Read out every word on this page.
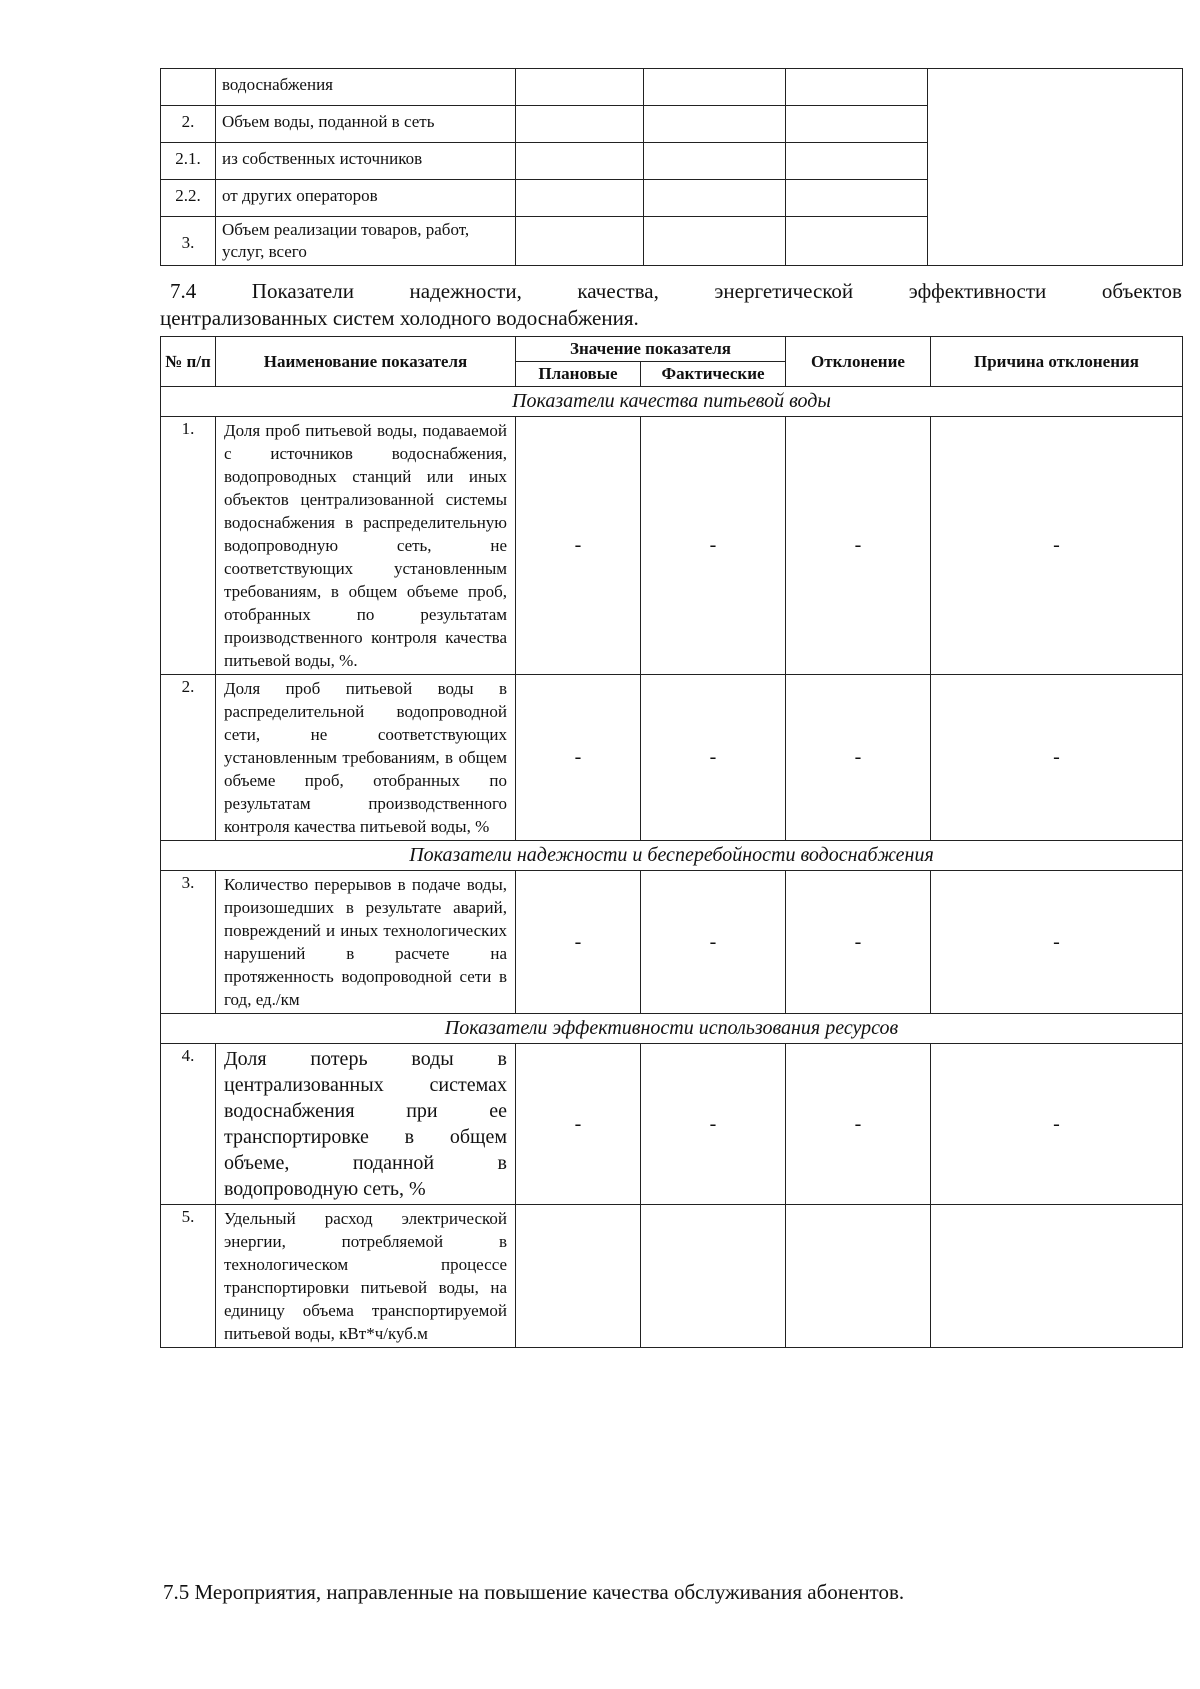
	водоснабжения				
2.	Объем воды, поданной в сеть				
2.1.	из собственных источников				
2.2.	от других операторов				
3.	Объем реализации товаров, работ, услуг, всего				
7.4	Показатели	надежности,	качества,	энергетической	эффективности	объектов
централизованных систем холодного водоснабжения.
№ п/п	Наименование показателя	Значение показателя		Отклонение	Причина отклонения
		Плановые	Фактические		
Показатели качества питьевой воды					
1.	Доля проб питьевой воды, подаваемой с источников водоснабжения, водопроводных станций или иных объектов централизованной системы водоснабжения в распределительную водопроводную сеть, не соответствующих установленным требованиям, в общем объеме проб, отобранных по результатам производственного контроля качества питьевой воды, %.	-	-	-	-
2.	Доля проб питьевой воды в распределительной водопроводной сети, не соответствующих установленным требованиям, в общем объеме проб, отобранных по результатам производственного контроля качества питьевой воды, %	-	-	-	-
Показатели надежности и бесперебойности водоснабжения					
3.	Количество перерывов в подаче воды, произошедших в результате аварий, повреждений и иных технологических нарушений в расчете на протяженность водопроводной сети в год, ед./км	-	-	-	-
Показатели эффективности использования ресурсов					
4.	Доля потерь воды в централизованных системах водоснабжения при ее транспортировке в общем объеме, поданной в водопроводную сеть, %	-	-	-	-
5.	Удельный расход электрической энергии, потребляемой в технологическом процессе транспортировки питьевой воды, на единицу объема транспортируемой питьевой воды, кВт*ч/куб.м				
7.5 Мероприятия, направленные на повышение качества обслуживания абонентов.
